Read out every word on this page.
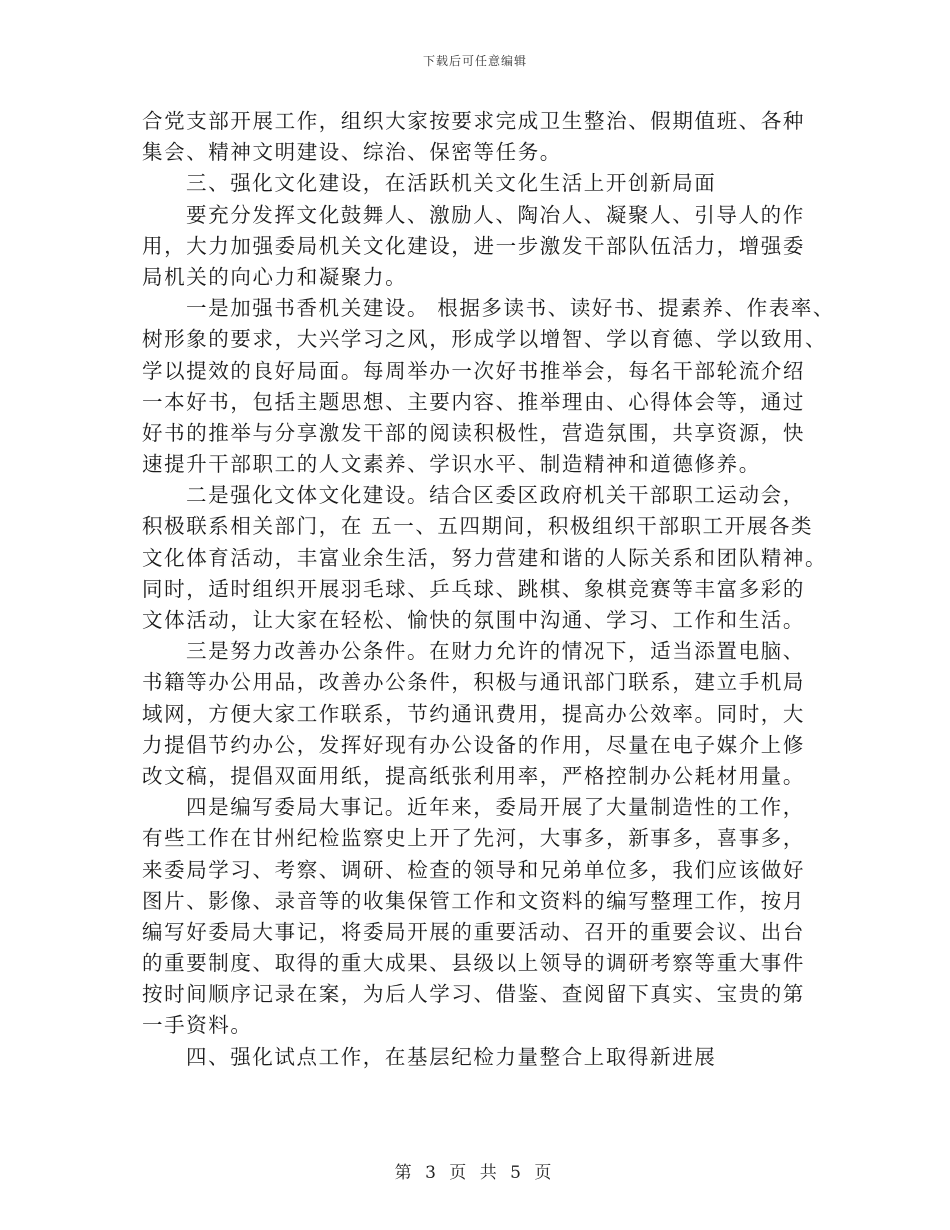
下载后可任意编辑
合党支部开展工作，组织大家按要求完成卫生整治、假期值班、各种
集会、精神文明建设、综治、保密等任务。
三、强化文化建设，在活跃机关文化生活上开创新局面
要充分发挥文化鼓舞人、激励人、陶冶人、凝聚人、引导人的作
用，大力加强委局机关文化建设，进一步激发干部队伍活力，增强委
局机关的向心力和凝聚力。
一是加强书香机关建设。 根据多读书、读好书、提素养、作表率、
树形象的要求，大兴学习之风，形成学以增智、学以育德、学以致用、
学以提效的良好局面。每周举办一次好书推举会，每名干部轮流介绍
一本好书，包括主题思想、主要内容、推举理由、心得体会等，通过
好书的推举与分享激发干部的阅读积极性，营造氛围，共享资源，快
速提升干部职工的人文素养、学识水平、制造精神和道德修养。
二是强化文体文化建设。结合区委区政府机关干部职工运动会，
积极联系相关部门，在 五一、五四期间，积极组织干部职工开展各类
文化体育活动，丰富业余生活，努力营建和谐的人际关系和团队精神。
同时，适时组织开展羽毛球、乒乓球、跳棋、象棋竞赛等丰富多彩的
文体活动，让大家在轻松、愉快的氛围中沟通、学习、工作和生活。
三是努力改善办公条件。在财力允许的情况下，适当添置电脑、
书籍等办公用品，改善办公条件，积极与通讯部门联系，建立手机局
域网，方便大家工作联系，节约通讯费用，提高办公效率。同时，大
力提倡节约办公，发挥好现有办公设备的作用，尽量在电子媒介上修
改文稿，提倡双面用纸，提高纸张利用率，严格控制办公耗材用量。
四是编写委局大事记。近年来，委局开展了大量制造性的工作，
有些工作在甘州纪检监察史上开了先河，大事多，新事多，喜事多，
来委局学习、考察、调研、检查的领导和兄弟单位多，我们应该做好
图片、影像、录音等的收集保管工作和文资料的编写整理工作，按月
编写好委局大事记，将委局开展的重要活动、召开的重要会议、出台
的重要制度、取得的重大成果、县级以上领导的调研考察等重大事件
按时间顺序记录在案，为后人学习、借鉴、查阅留下真实、宝贵的第
一手资料。
四、强化试点工作，在基层纪检力量整合上取得新进展
第 3 页 共 5 页
